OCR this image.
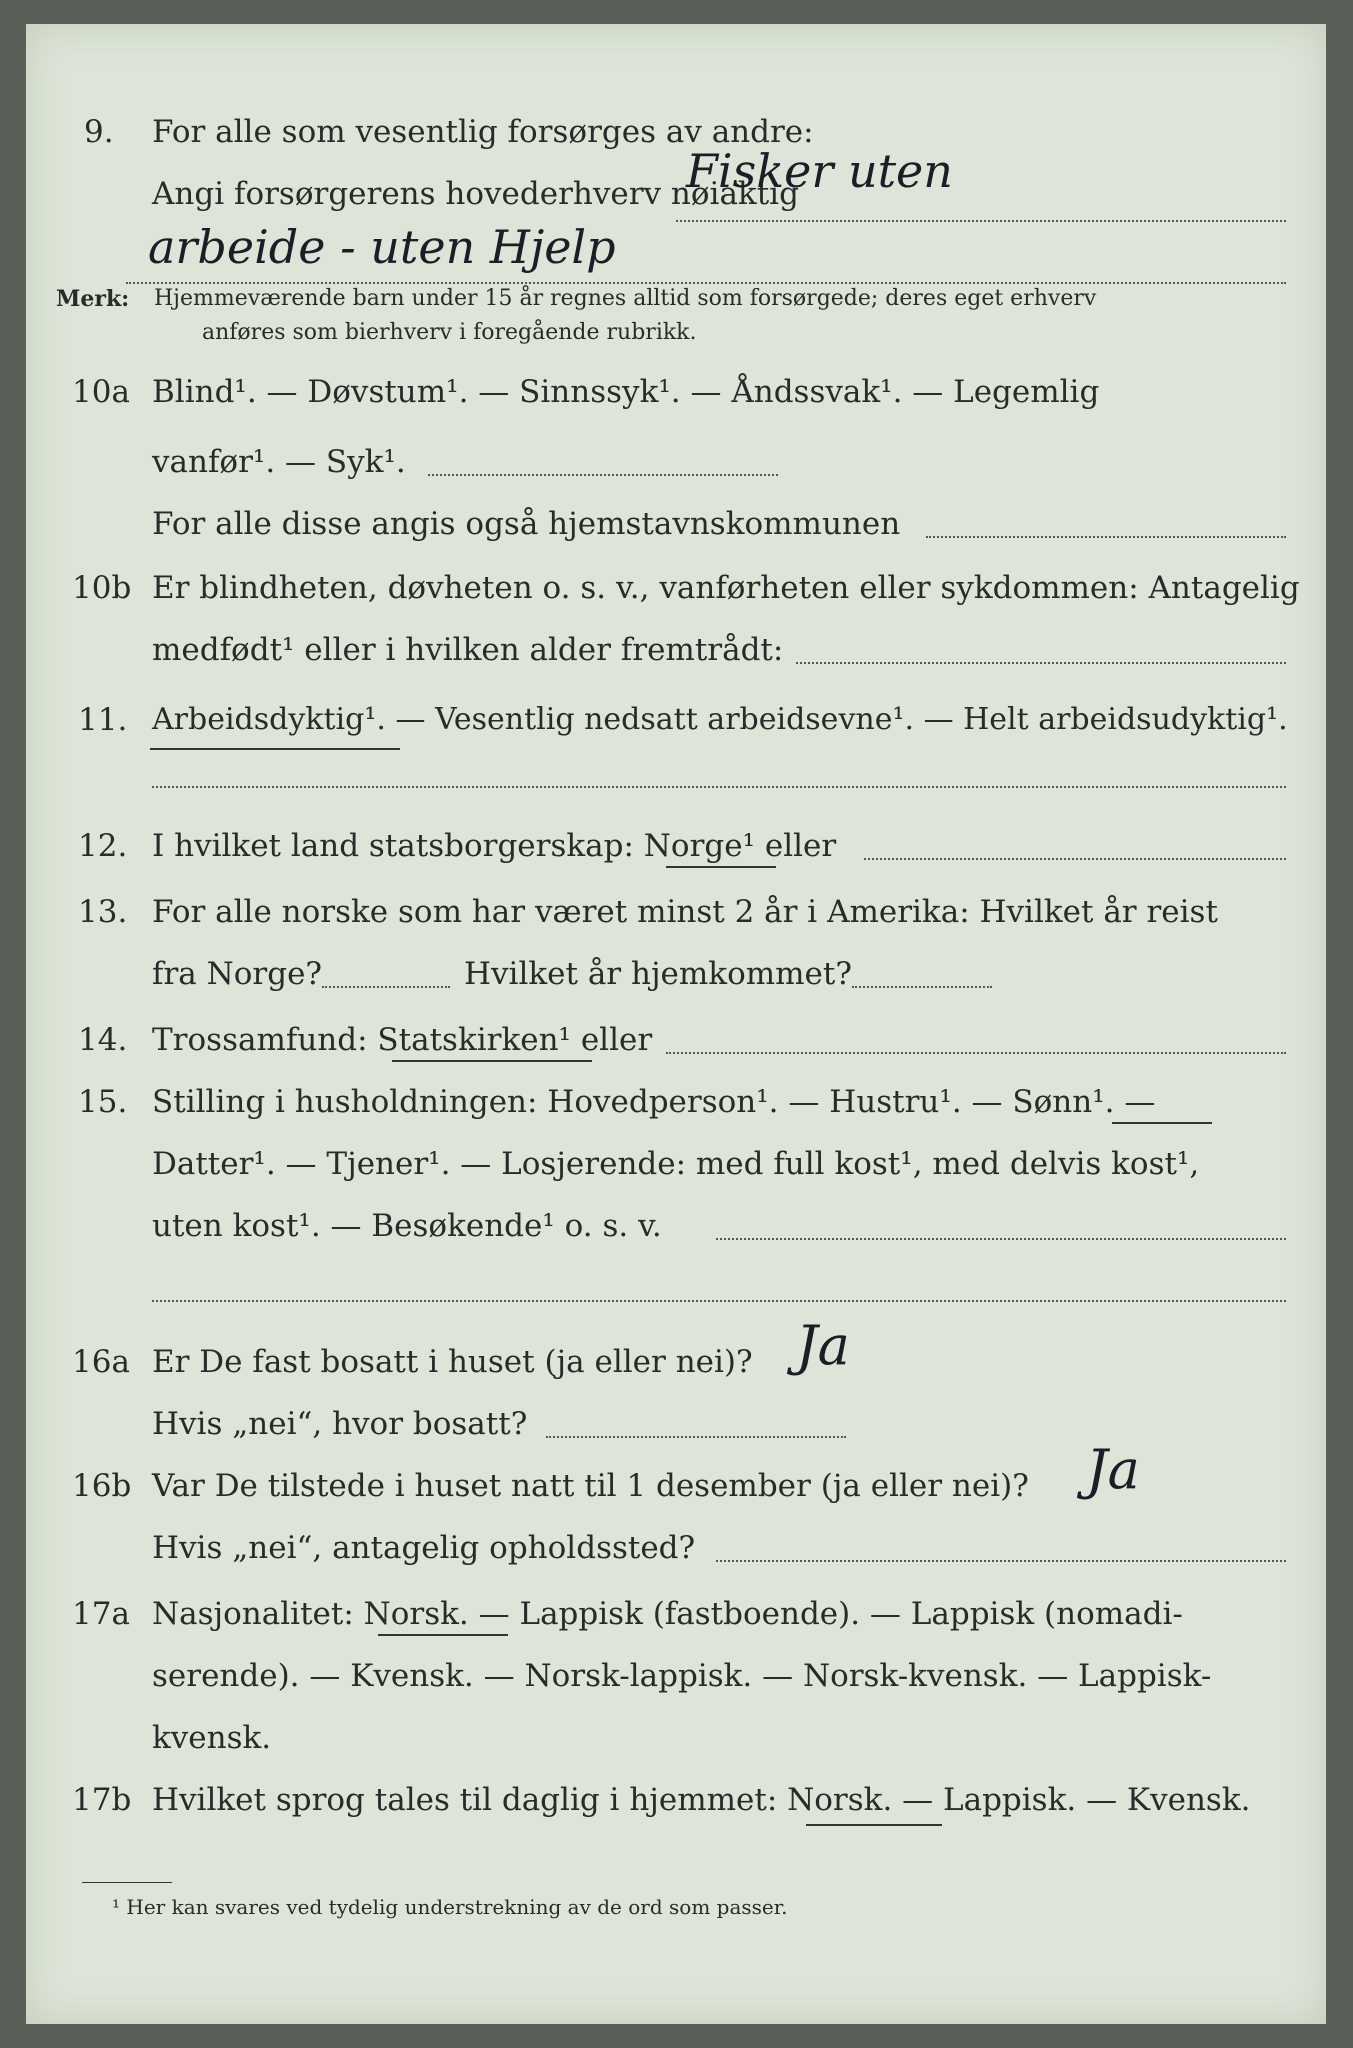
9. For alle som vesentlig forsørges av andre:
Angi forsørgerens hovederhverv nøiaktig
Fisker uten
arbeide - uten Hjelp
Merk: Hjemmeværende barn under 15 år regnes alltid som forsørgede; deres eget erhverv
anføres som bierhverv i foregående rubrikk.
10a Blind¹. — Døvstum¹. — Sinnssyk¹. — Åndssvak¹. — Legemlig
vanfør¹. — Syk¹.
For alle disse angis også hjemstavnskommunen
10b Er blindheten, døvheten o. s. v., vanførheten eller sykdommen: Antagelig
medfødt¹ eller i hvilken alder fremtrådt:
11. Arbeidsdyktig¹. — Vesentlig nedsatt arbeidsevne¹. — Helt arbeidsudyktig¹.
12. I hvilket land statsborgerskap: Norge¹ eller
13. For alle norske som har været minst 2 år i Amerika: Hvilket år reist
fra Norge?	Hvilket år hjemkommet?
14. Trossamfund: Statskirken¹ eller
15. Stilling i husholdningen: Hovedperson¹. — Hustru¹. — Sønn¹. —
Datter¹. — Tjener¹. — Losjerende: med full kost¹, med delvis kost¹,
uten kost¹. — Besøkende¹ o. s. v.
16a Er De fast bosatt i huset (ja eller nei)? Ja
Hvis „nei“, hvor bosatt?
16b Var De tilstede i huset natt til 1 desember (ja eller nei)? Ja
Hvis „nei“, antagelig opholdssted?
17a Nasjonalitet: Norsk. — Lappisk (fastboende). — Lappisk (nomadi-
serende). — Kvensk. — Norsk-lappisk. — Norsk-kvensk. — Lappisk-
kvensk.
17b Hvilket sprog tales til daglig i hjemmet: Norsk. — Lappisk. — Kvensk.
¹ Her kan svares ved tydelig understrekning av de ord som passer.
